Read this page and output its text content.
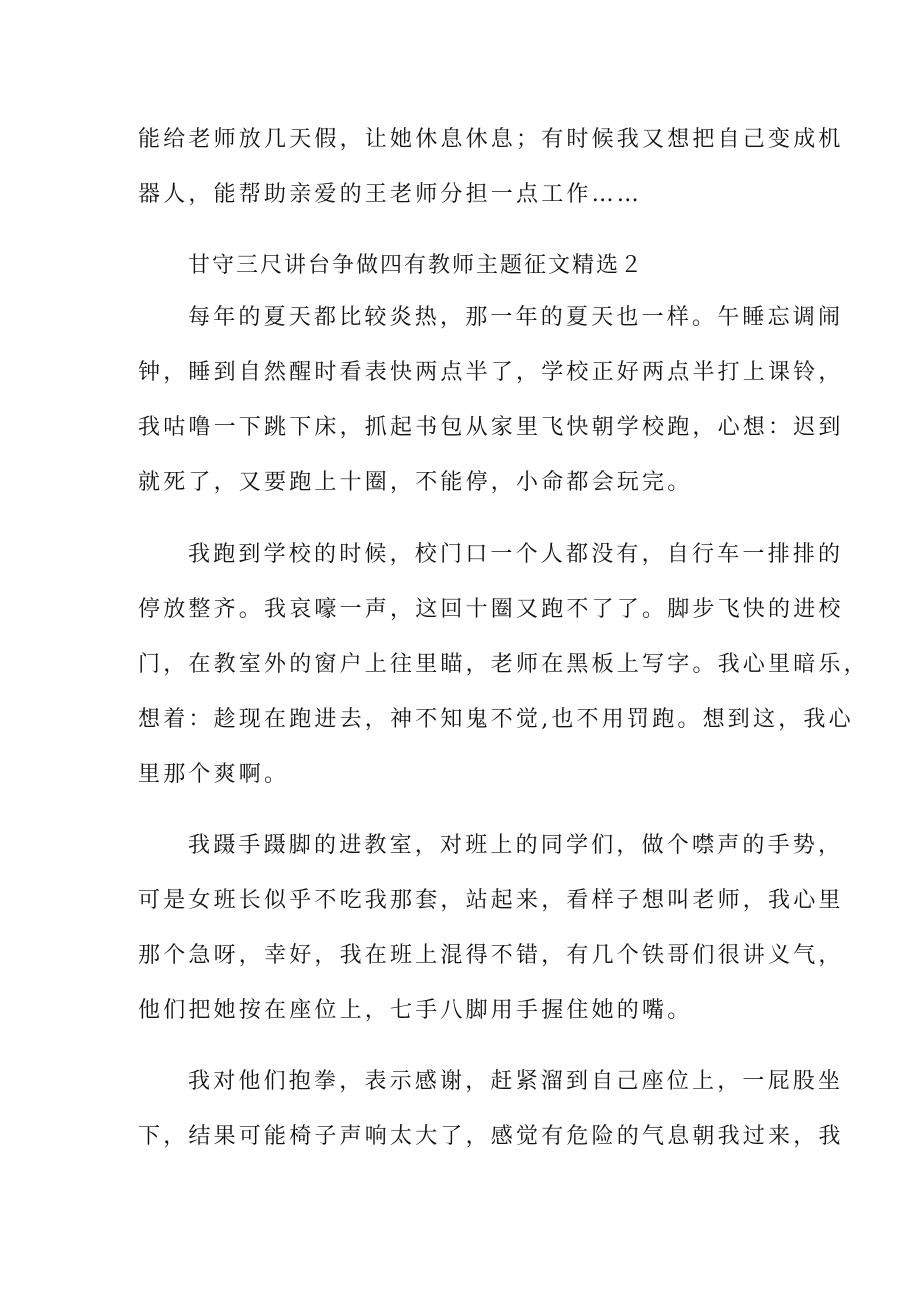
能给老师放几天假，让她休息休息；有时候我又想把自己变成机
器人，能帮助亲爱的王老师分担一点工作……
甘守三尺讲台争做四有教师主题征文精选２
每年的夏天都比较炎热，那一年的夏天也一样。午睡忘调闹
钟，睡到自然醒时看表快两点半了，学校正好两点半打上课铃，
我咕噜一下跳下床，抓起书包从家里飞快朝学校跑，心想：迟到
就死了，又要跑上十圈，不能停，小命都会玩完。
我跑到学校的时候，校门口一个人都没有，自行车一排排的
停放整齐。我哀嚎一声，这回十圈又跑不了了。脚步飞快的进校
门，在教室外的窗户上往里瞄，老师在黑板上写字。我心里暗乐，
想着：趁现在跑进去，神不知鬼不觉,也不用罚跑。想到这，我心
里那个爽啊。
我蹑手蹑脚的进教室，对班上的同学们，做个噤声的手势，
可是女班长似乎不吃我那套，站起来，看样子想叫老师，我心里
那个急呀，幸好，我在班上混得不错，有几个铁哥们很讲义气，
他们把她按在座位上，七手八脚用手握住她的嘴。
我对他们抱拳，表示感谢，赶紧溜到自己座位上，一屁股坐
下，结果可能椅子声响太大了，感觉有危险的气息朝我过来，我
